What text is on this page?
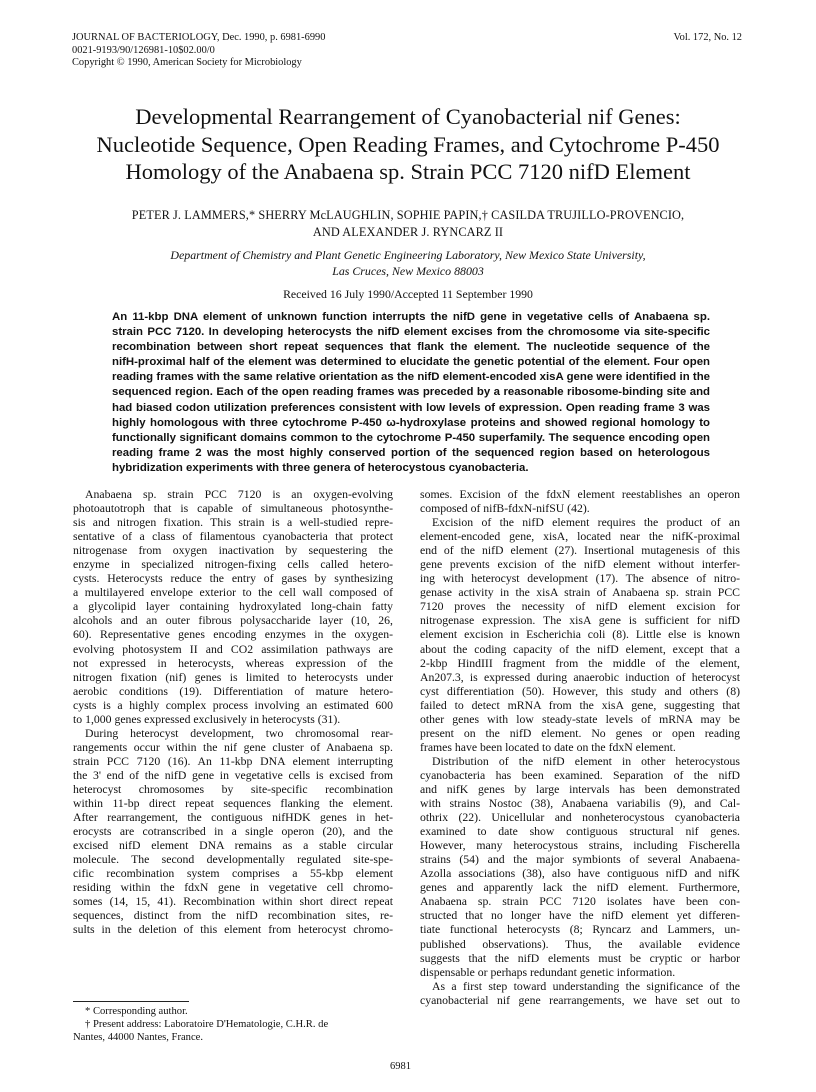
JOURNAL OF BACTERIOLOGY, Dec. 1990, p. 6981-6990
0021-9193/90/126981-10$02.00/0
Copyright © 1990, American Society for Microbiology
Vol. 172, No. 12

Developmental Rearrangement of Cyanobacterial nif Genes:

Nucleotide Sequence, Open Reading Frames, and Cytochrome P-450

Homology of the Anabaena sp. Strain PCC 7120 nifD Element

PETER J. LAMMERS,* SHERRY McLAUGHLIN, SOPHIE PAPIN,† CASILDA TRUJILLO-PROVENCIO,

AND ALEXANDER J. RYNCARZ II

Department of Chemistry and Plant Genetic Engineering Laboratory, New Mexico State University,

Las Cruces, New Mexico 88003

Received 16 July 1990/Accepted 11 September 1990

An 11-kbp DNA element of unknown function interrupts the nifD gene in vegetative cells of Anabaena sp.

strain PCC 7120. In developing heterocysts the nifD element excises from the chromosome via site-specific

recombination between short repeat sequences that flank the element. The nucleotide sequence of the

nifH-proximal half of the element was determined to elucidate the genetic potential of the element. Four open

reading frames with the same relative orientation as the nifD element-encoded xisA gene were identified in the

sequenced region. Each of the open reading frames was preceded by a reasonable ribosome-binding site and

had biased codon utilization preferences consistent with low levels of expression. Open reading frame 3 was

highly homologous with three cytochrome P-450 ω-hydroxylase proteins and showed regional homology to

functionally significant domains common to the cytochrome P-450 superfamily. The sequence encoding open

reading frame 2 was the most highly conserved portion of the sequenced region based on heterologous

hybridization experiments with three genera of heterocystous cyanobacteria.

Anabaena sp. strain PCC 7120 is an oxygen-evolving
photoautotroph that is capable of simultaneous photosynthe-
sis and nitrogen fixation. This strain is a well-studied repre-
sentative of a class of filamentous cyanobacteria that protect
nitrogenase from oxygen inactivation by sequestering the
enzyme in specialized nitrogen-fixing cells called hetero-
cysts. Heterocysts reduce the entry of gases by synthesizing
a multilayered envelope exterior to the cell wall composed of
a glycolipid layer containing hydroxylated long-chain fatty
alcohols and an outer fibrous polysaccharide layer (10, 26,
60). Representative genes encoding enzymes in the oxygen-
evolving photosystem II and CO2 assimilation pathways are
not expressed in heterocysts, whereas expression of the
nitrogen fixation (nif) genes is limited to heterocysts under
aerobic conditions (19). Differentiation of mature hetero-
cysts is a highly complex process involving an estimated 600
to 1,000 genes expressed exclusively in heterocysts (31).
During heterocyst development, two chromosomal rear-
rangements occur within the nif gene cluster of Anabaena sp.
strain PCC 7120 (16). An 11-kbp DNA element interrupting
the 3' end of the nifD gene in vegetative cells is excised from
heterocyst chromosomes by site-specific recombination
within 11-bp direct repeat sequences flanking the element.
After rearrangement, the contiguous nifHDK genes in het-
erocysts are cotranscribed in a single operon (20), and the
excised nifD element DNA remains as a stable circular
molecule. The second developmentally regulated site-spe-
cific recombination system comprises a 55-kbp element
residing within the fdxN gene in vegetative cell chromo-
somes (14, 15, 41). Recombination within short direct repeat
sequences, distinct from the nifD recombination sites, re-
sults in the deletion of this element from heterocyst chromo-
somes. Excision of the fdxN element reestablishes an operon
composed of nifB-fdxN-nifSU (42).
Excision of the nifD element requires the product of an
element-encoded gene, xisA, located near the nifK-proximal
end of the nifD element (27). Insertional mutagenesis of this
gene prevents excision of the nifD element without interfer-
ing with heterocyst development (17). The absence of nitro-
genase activity in the xisA strain of Anabaena sp. strain PCC
7120 proves the necessity of nifD element excision for
nitrogenase expression. The xisA gene is sufficient for nifD
element excision in Escherichia coli (8). Little else is known
about the coding capacity of the nifD element, except that a
2-kbp HindIII fragment from the middle of the element,
An207.3, is expressed during anaerobic induction of heterocyst
cyst differentiation (50). However, this study and others (8)
failed to detect mRNA from the xisA gene, suggesting that
other genes with low steady-state levels of mRNA may be
present on the nifD element. No genes or open reading
frames have been located to date on the fdxN element.
Distribution of the nifD element in other heterocystous
cyanobacteria has been examined. Separation of the nifD
and nifK genes by large intervals has been demonstrated
with strains Nostoc (38), Anabaena variabilis (9), and Cal-
othrix (22). Unicellular and nonheterocystous cyanobacteria
examined to date show contiguous structural nif genes.
However, many heterocystous strains, including Fischerella
strains (54) and the major symbionts of several Anabaena-
Azolla associations (38), also have contiguous nifD and nifK
genes and apparently lack the nifD element. Furthermore,
Anabaena sp. strain PCC 7120 isolates have been con-
structed that no longer have the nifD element yet differen-
tiate functional heterocysts (8; Ryncarz and Lammers, un-
published observations). Thus, the available evidence
suggests that the nifD elements must be cryptic or harbor
dispensable or perhaps redundant genetic information.
As a first step toward understanding the significance of the
cyanobacterial nif gene rearrangements, we have set out to

* Corresponding author.

† Present address: Laboratoire D'Hematologie, C.H.R. de

Nantes, 44000 Nantes, France.

6981
